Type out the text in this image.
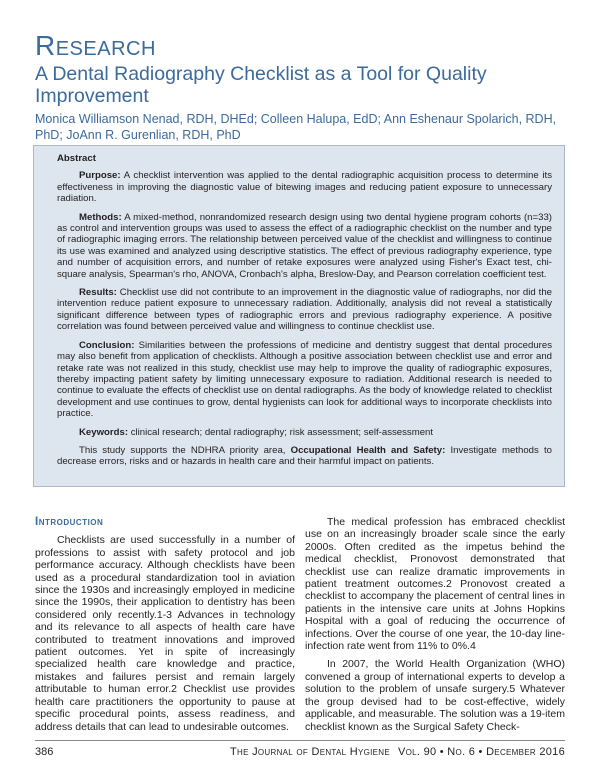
Research
A Dental Radiography Checklist as a Tool for Quality Improvement
Monica Williamson Nenad, RDH, DHEd; Colleen Halupa, EdD; Ann Eshenaur Spolarich, RDH, PhD; JoAnn R. Gurenlian, RDH, PhD
Abstract

Purpose: A checklist intervention was applied to the dental radiographic acquisition process to determine its effectiveness in improving the diagnostic value of bitewing images and reducing patient exposure to unnecessary radiation.

Methods: A mixed-method, nonrandomized research design using two dental hygiene program cohorts (n=33) as control and intervention groups was used to assess the effect of a radiographic checklist on the number and type of radiographic imaging errors. The relationship between perceived value of the checklist and willingness to continue its use was examined and analyzed using descriptive statistics. The effect of previous radiography experience, type and number of acquisition errors, and number of retake exposures were analyzed using Fisher's Exact test, chi-square analysis, Spearman's rho, ANOVA, Cronbach's alpha, Breslow-Day, and Pearson correlation coefficient test.

Results: Checklist use did not contribute to an improvement in the diagnostic value of radiographs, nor did the intervention reduce patient exposure to unnecessary radiation. Additionally, analysis did not reveal a statistically significant difference between types of radiographic errors and previous radiography experience. A positive correlation was found between perceived value and willingness to continue checklist use.

Conclusion: Similarities between the professions of medicine and dentistry suggest that dental procedures may also benefit from application of checklists. Although a positive association between checklist use and error and retake rate was not realized in this study, checklist use may help to improve the quality of radiographic exposures, thereby impacting patient safety by limiting unnecessary exposure to radiation. Additional research is needed to continue to evaluate the effects of checklist use on dental radiographs. As the body of knowledge related to checklist development and use continues to grow, dental hygienists can look for additional ways to incorporate checklists into practice.

Keywords: clinical research; dental radiography; risk assessment; self-assessment

This study supports the NDHRA priority area, Occupational Health and Safety: Investigate methods to decrease errors, risks and or hazards in health care and their harmful impact on patients.

Introduction

Checklists are used successfully in a number of professions to assist with safety protocol and job performance accuracy. Although checklists have been used as a procedural standardization tool in aviation since the 1930s and increasingly employed in medicine since the 1990s, their application to dentistry has been considered only recently.1-3 Advances in technology and its relevance to all aspects of health care have contributed to treatment innovations and improved patient outcomes. Yet in spite of increasingly specialized health care knowledge and practice, mistakes and failures persist and remain largely attributable to human error.2 Checklist use provides health care practitioners the opportunity to pause at specific procedural points, assess readiness, and address details that can lead to undesirable outcomes.

The medical profession has embraced checklist use on an increasingly broader scale since the early 2000s. Often credited as the impetus behind the medical checklist, Pronovost demonstrated that checklist use can realize dramatic improvements in patient treatment outcomes.2 Pronovost created a checklist to accompany the placement of central lines in patients in the intensive care units at Johns Hopkins Hospital with a goal of reducing the occurrence of infections. Over the course of one year, the 10-day line-infection rate went from 11% to 0%.4

In 2007, the World Health Organization (WHO) convened a group of international experts to develop a solution to the problem of unsafe surgery.5 Whatever the group devised had to be cost-effective, widely applicable, and measurable. The solution was a 19-item checklist known as the Surgical Safety Check-

386	The Journal of Dental Hygiene Vol. 90 • No. 6 • December 2016
